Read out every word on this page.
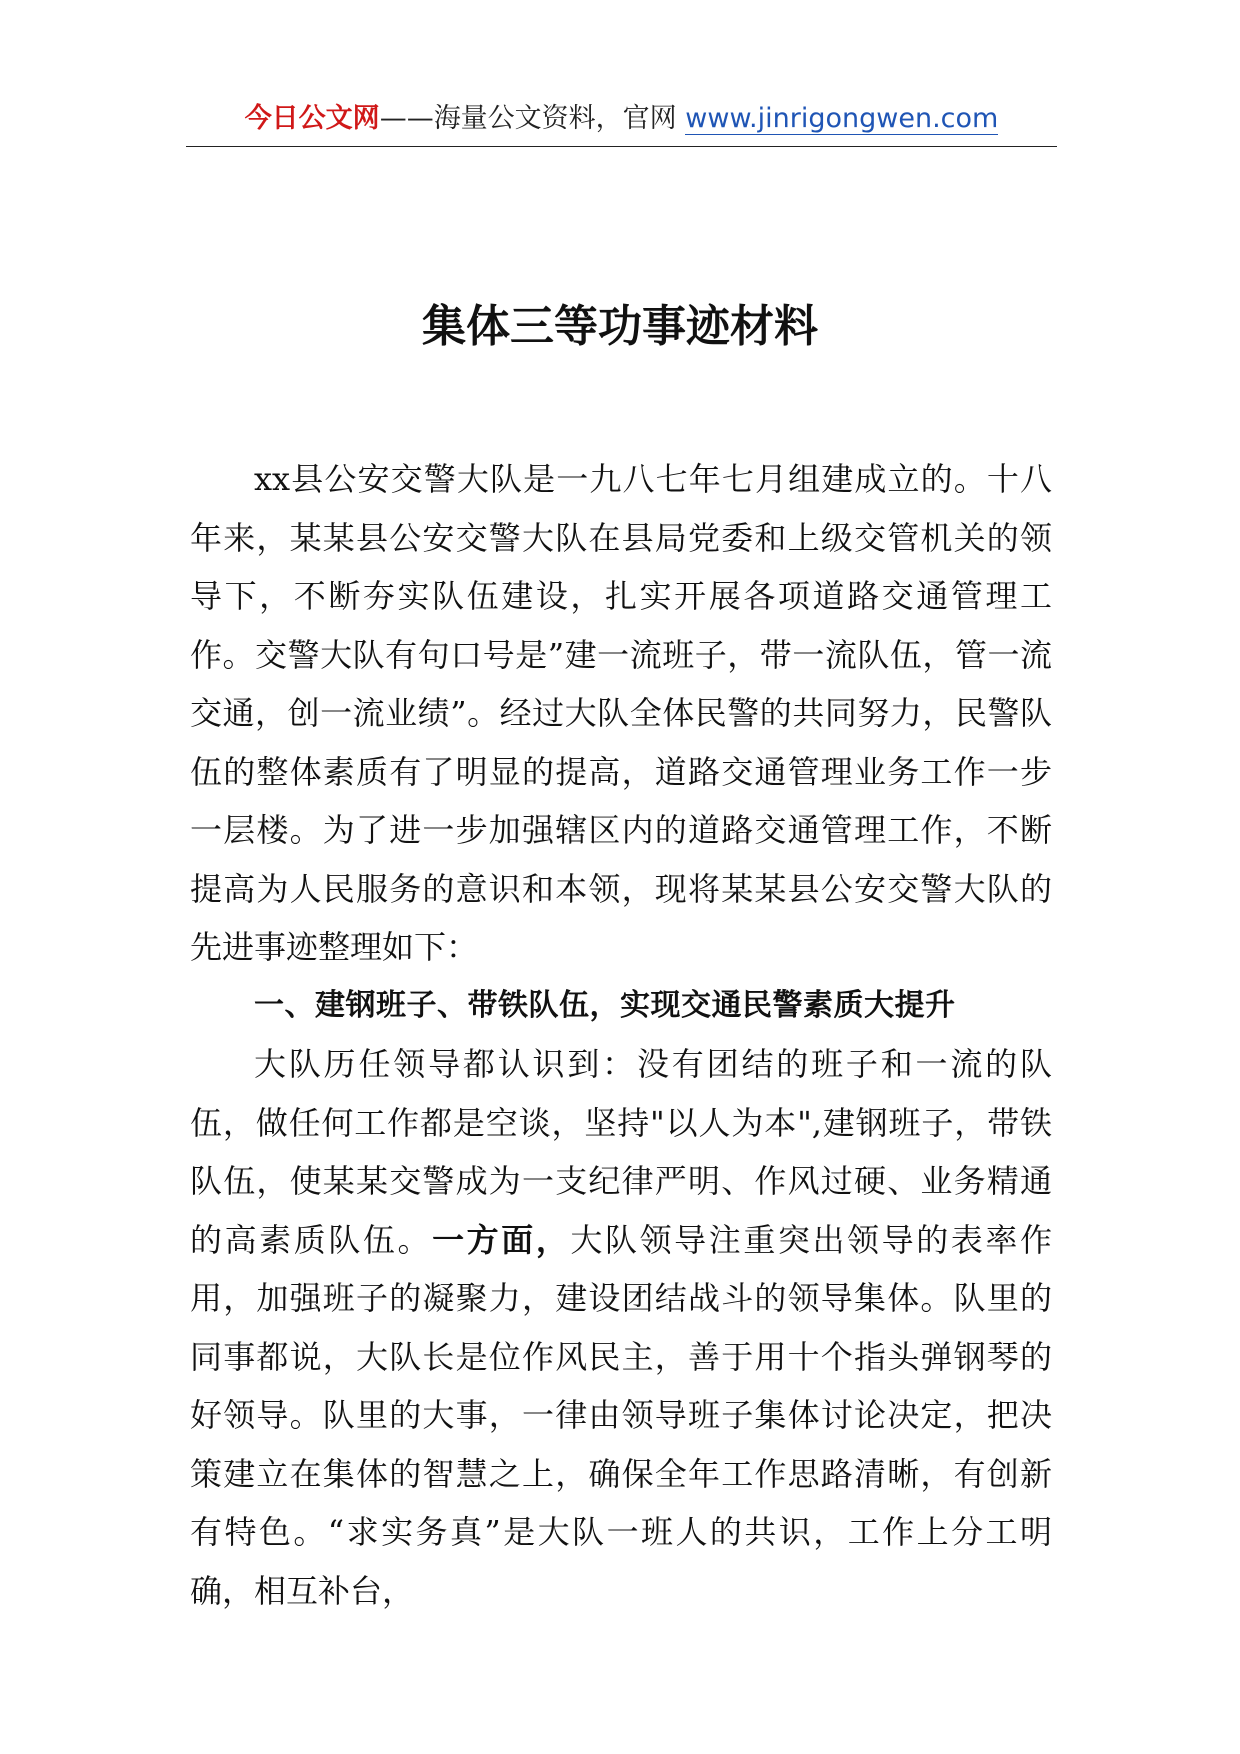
今日公文网——海量公文资料，官网 www.jinrigongwen.com
集体三等功事迹材料

xx县公安交警大队是一九八七年七月组建成立的。十八年来，某某县公安交警大队在县局党委和上级交管机关的领导下，不断夯实队伍建设，扎实开展各项道路交通管理工作。交警大队有句口号是”建一流班子，带一流队伍，管一流交通，创一流业绩”。经过大队全体民警的共同努力，民警队伍的整体素质有了明显的提高，道路交通管理业务工作一步一层楼。为了进一步加强辖区内的道路交通管理工作，不断提高为人民服务的意识和本领，现将某某县公安交警大队的先进事迹整理如下：

一、建钢班子、带铁队伍，实现交通民警素质大提升

大队历任领导都认识到：没有团结的班子和一流的队伍，做任何工作都是空谈，坚持"以人为本",建钢班子，带铁队伍，使某某交警成为一支纪律严明、作风过硬、业务精通的高素质队伍。一方面，大队领导注重突出领导的表率作用，加强班子的凝聚力，建设团结战斗的领导集体。队里的同事都说，大队长是位作风民主，善于用十个指头弹钢琴的好领导。队里的大事，一律由领导班子集体讨论决定，把决策建立在集体的智慧之上，确保全年工作思路清晰，有创新有特色。“求实务真”是大队一班人的共识，工作上分工明确，相互补台，
